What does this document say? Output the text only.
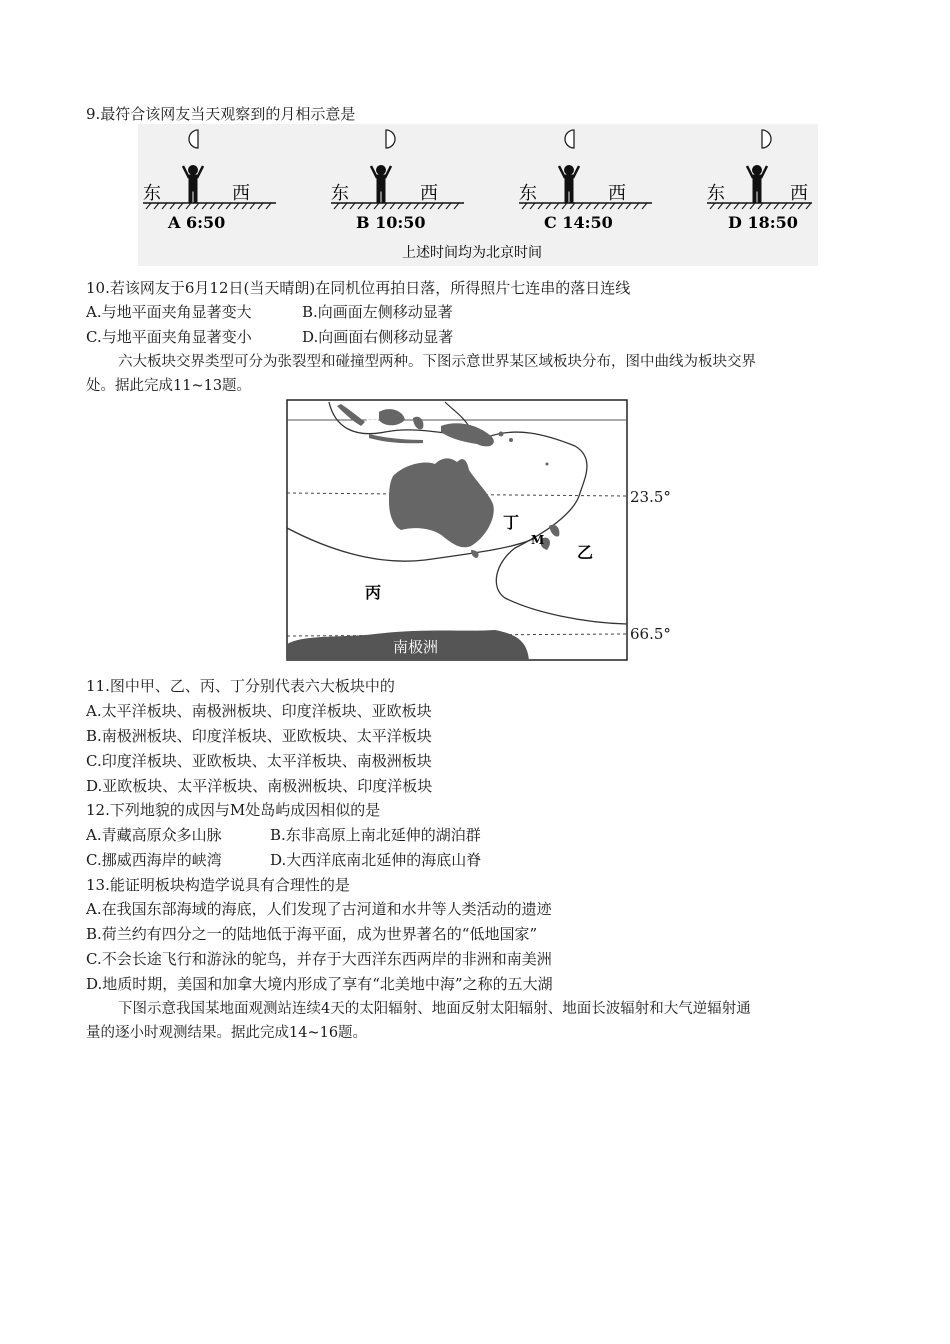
9.最符合该网友当天观察到的月相示意是
东	西
A 6:50
东	西
B 10:50
东	西
C 14:50
东	西
D 18:50
上述时间均为北京时间
10.若该网友于6月12日(当天晴朗)在同机位再拍日落，所得照片七连串的落日连线
A.与地平面夹角显著变大	B.向画面左侧移动显著
C.与地平面夹角显著变小	D.向画面右侧移动显著
六大板块交界类型可分为张裂型和碰撞型两种。下图示意世界某区域板块分布，图中曲线为板块交界
处。据此完成11~13题。
甲
丁
M
乙
丙
南极洲
23.5°
66.5°
11.图中甲、乙、丙、丁分别代表六大板块中的
A.太平洋板块、南极洲板块、印度洋板块、亚欧板块
B.南极洲板块、印度洋板块、亚欧板块、太平洋板块
C.印度洋板块、亚欧板块、太平洋板块、南极洲板块
D.亚欧板块、太平洋板块、南极洲板块、印度洋板块
12.下列地貌的成因与M处岛屿成因相似的是
A.青藏高原众多山脉	B.东非高原上南北延伸的湖泊群
C.挪威西海岸的峡湾	D.大西洋底南北延伸的海底山脊
13.能证明板块构造学说具有合理性的是
A.在我国东部海域的海底，人们发现了古河道和水井等人类活动的遗迹
B.荷兰约有四分之一的陆地低于海平面，成为世界著名的“低地国家”
C.不会长途飞行和游泳的鸵鸟，并存于大西洋东西两岸的非洲和南美洲
D.地质时期，美国和加拿大境内形成了享有“北美地中海”之称的五大湖
下图示意我国某地面观测站连续4天的太阳辐射、地面反射太阳辐射、地面长波辐射和大气逆辐射通
量的逐小时观测结果。据此完成14~16题。
